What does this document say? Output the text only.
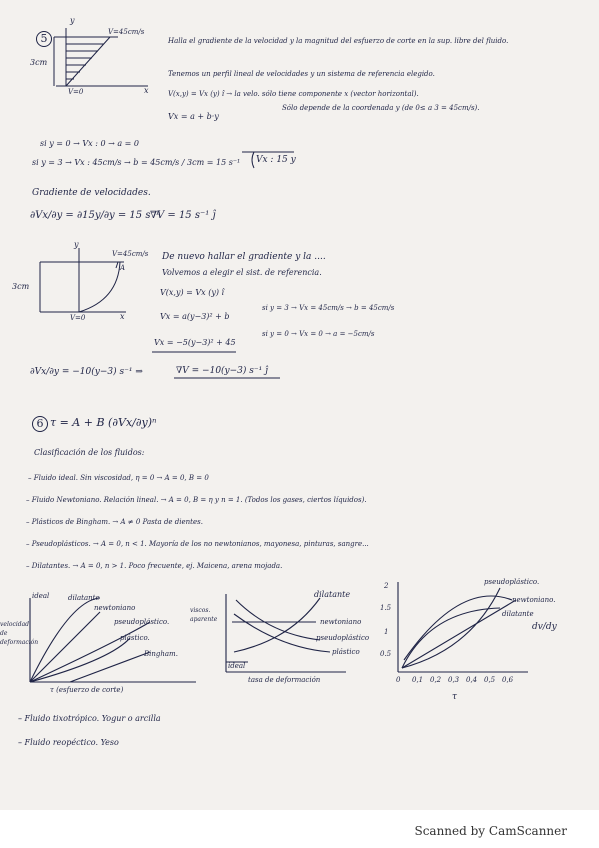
5
y
V=45cm/s
3cm
V=0	x
Halla el gradiente de la velocidad y la magnitud del esfuerzo de corte en la sup. libre del fluido.
Tenemos un perfil lineal de velocidades y un sistema de referencia elegido.
V(x,y) = Vx (y) î → la velo. sólo tiene componente x (vector horizontal).
Sólo depende de la coordenada y (de 0≤ a 3 = 45cm/s).
Vx = a + b·y
si y = 0 → Vx : 0 → a = 0
si y = 3 → Vx : 45cm/s → b = 45cm/s / 3cm = 15 s⁻¹ Vx : 15 y
Gradiente de velocidades.
∂Vx/∂y = ∂15y/∂y = 15 s⁻¹
∇V = 15 s⁻¹ ĵ
y
V=45cm/s
A
3cm
V=0	x
De nuevo hallar el gradiente y la ....
Volvemos a elegir el sist. de referencia.
V(x,y) = Vx (y) î
Vx = a(y−3)² + b
si y = 3 → Vx = 45cm/s → b = 45cm/s
si y = 0 → Vx = 0 → a = −5cm/s
Vx = −5(y−3)² + 45
∂Vx/∂y = −10(y−3) s⁻¹ ⇒	∇V = −10(y−3) s⁻¹ ĵ
6 τ = A + B (∂Vx/∂y)ⁿ
Clasificación de los fluidos:
– Fluido ideal. Sin viscosidad, η = 0 → A = 0, B = 0
– Fluido Newtoniano. Relación lineal. → A = 0, B = η y n = 1. (Todos los gases, ciertos líquidos).
– Plásticos de Bingham. → A ≠ 0 Pasta de dientes.
– Pseudoplásticos. → A = 0, n < 1. Mayoría de los no newtonianos, mayonesa, pinturas, sangre...
– Dilatantes. → A = 0, n > 1. Poco frecuente, ej. Maicena, arena mojada.
ideal
velocidad de deformación
dilatante
newtoniano
pseudoplástico.
plástico.
Bingham.
τ (esfuerzo de corte)
viscos. aparente
dilatante
newtoniano
pseudoplástico
plástico
ideal
tasa de deformación
2
1.5
1
0.5
pseudoplástico.
newtoniano.
dilatante
dv/dy
0 0,1 0,2 0,3 0,4 0,5 0,6
τ
– Fluido tixotrópico. Yogur o arcilla
– Fluido reopéctico. Yeso
Scanned by CamScanner
